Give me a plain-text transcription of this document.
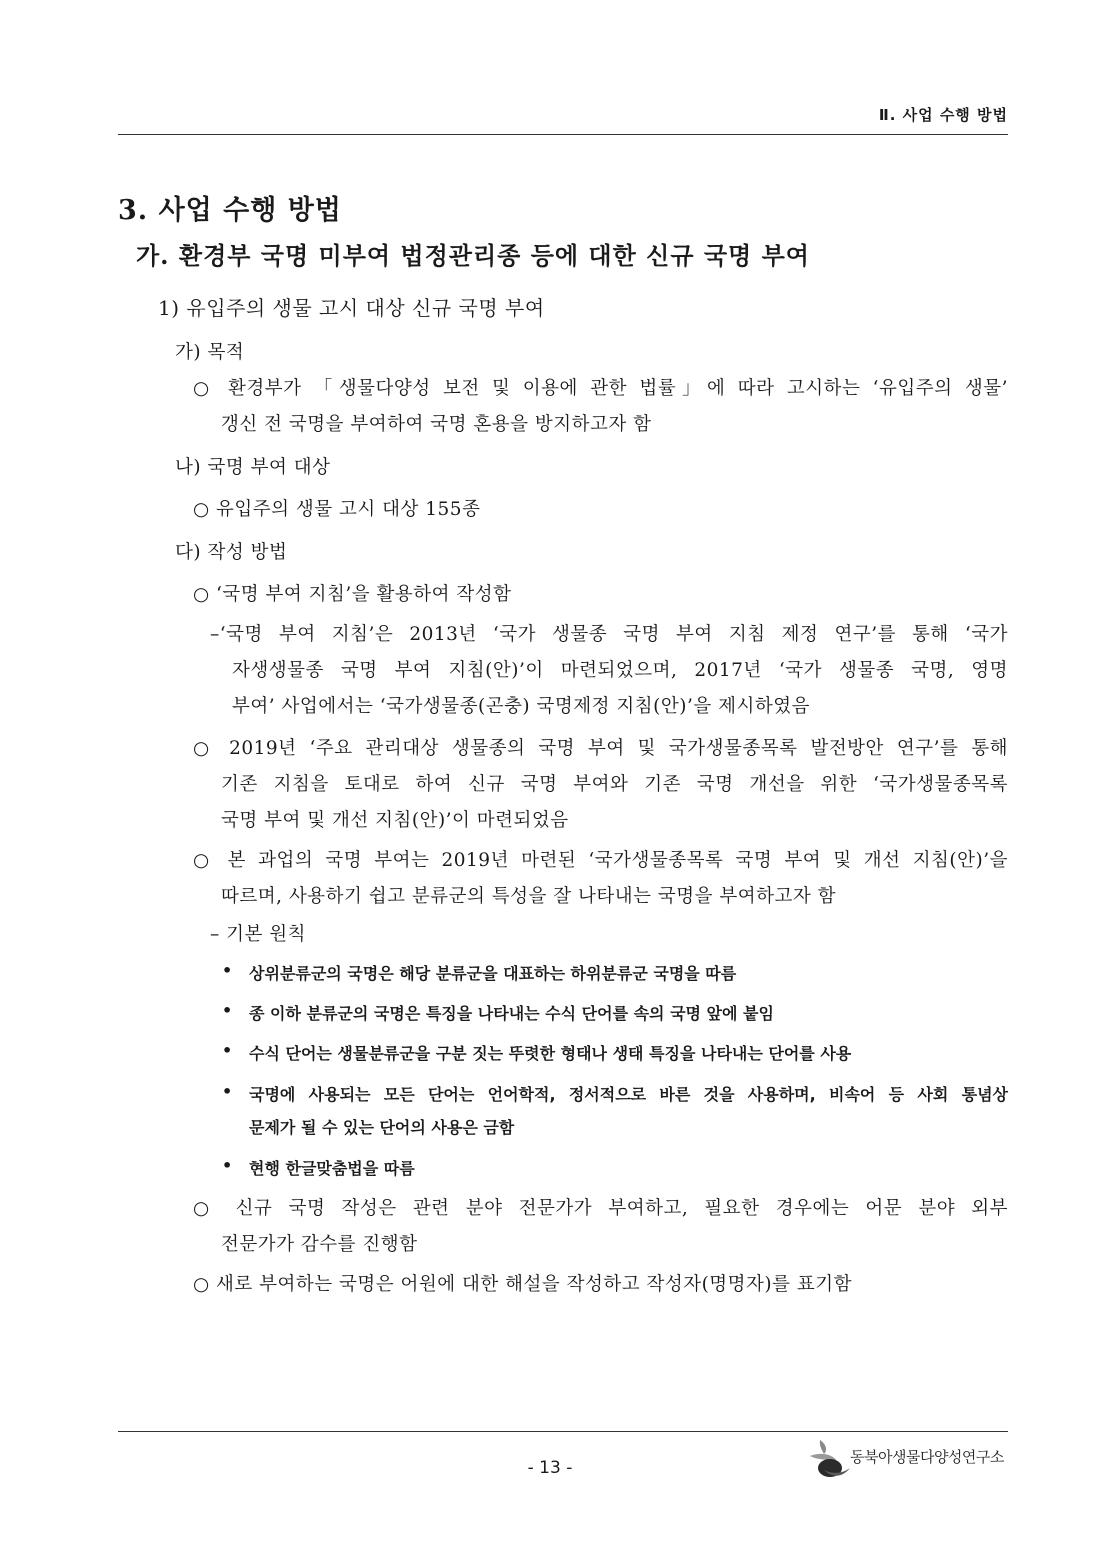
Ⅱ. 사업 수행 방법
3. 사업 수행 방법
가. 환경부 국명 미부여 법정관리종 등에 대한 신규 국명 부여
1) 유입주의 생물 고시 대상 신규 국명 부여
가) 목적
○ 환경부가 「생물다양성 보전 및 이용에 관한 법률」에 따라 고시하는 ‘유입주의 생물’
갱신 전 국명을 부여하여 국명 혼용을 방지하고자 함
나) 국명 부여 대상
○ 유입주의 생물 고시 대상 155종
다) 작성 방법
○ ‘국명 부여 지침’을 활용하여 작성함
–‘국명 부여 지침’은 2013년 ‘국가 생물종 국명 부여 지침 제정 연구’를 통해 ‘국가
자생생물종 국명 부여 지침(안)’이 마련되었으며, 2017년 ‘국가 생물종 국명, 영명
부여’ 사업에서는 ‘국가생물종(곤충) 국명제정 지침(안)’을 제시하였음
○ 2019년 ‘주요 관리대상 생물종의 국명 부여 및 국가생물종목록 발전방안 연구’를 통해
기존 지침을 토대로 하여 신규 국명 부여와 기존 국명 개선을 위한 ‘국가생물종목록
국명 부여 및 개선 지침(안)’이 마련되었음
○ 본 과업의 국명 부여는 2019년 마련된 ‘국가생물종목록 국명 부여 및 개선 지침(안)’을
따르며, 사용하기 쉽고 분류군의 특성을 잘 나타내는 국명을 부여하고자 함
– 기본 원칙
• 상위분류군의 국명은 해당 분류군을 대표하는 하위분류군 국명을 따름
• 종 이하 분류군의 국명은 특징을 나타내는 수식 단어를 속의 국명 앞에 붙임
• 수식 단어는 생물분류군을 구분 짓는 뚜렷한 형태나 생태 특징을 나타내는 단어를 사용
• 국명에 사용되는 모든 단어는 언어학적, 정서적으로 바른 것을 사용하며, 비속어 등 사회 통념상
문제가 될 수 있는 단어의 사용은 금함
• 현행 한글맞춤법을 따름
○ 신규 국명 작성은 관련 분야 전문가가 부여하고, 필요한 경우에는 어문 분야 외부
전문가가 감수를 진행함
○ 새로 부여하는 국명은 어원에 대한 해설을 작성하고 작성자(명명자)를 표기함
- 13 -
동북아생물다양성연구소
